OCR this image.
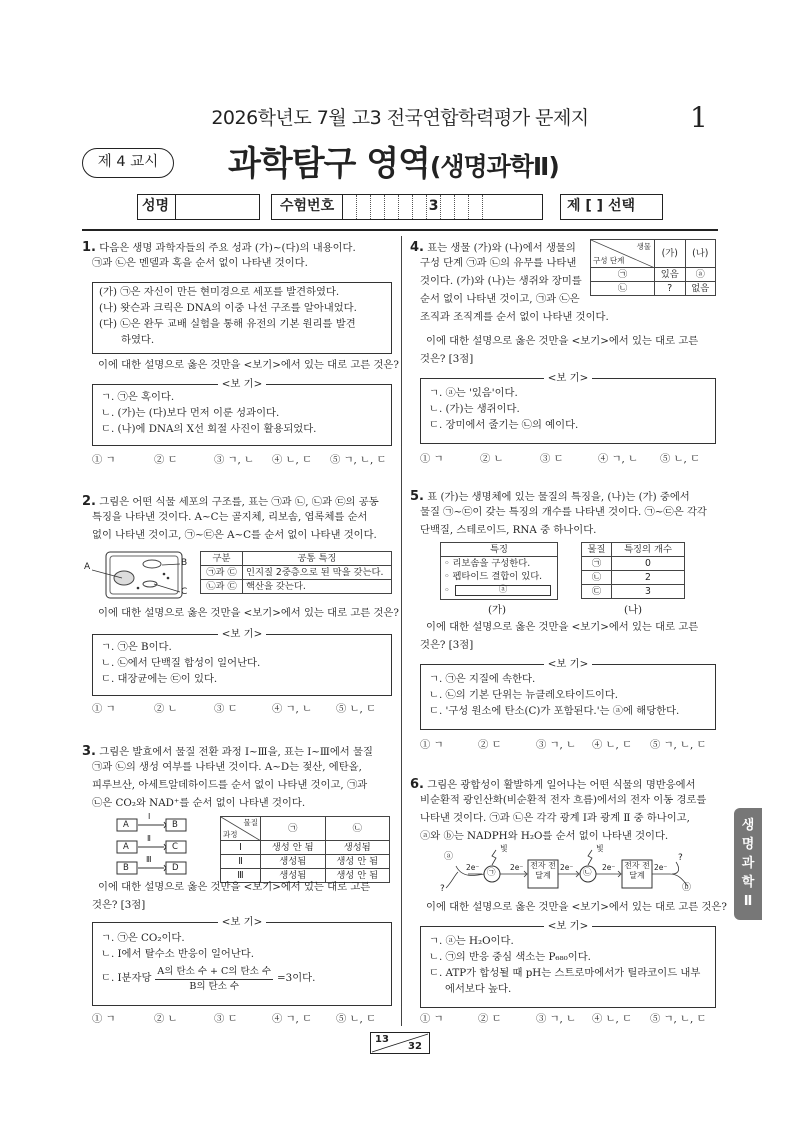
2026학년도 7월 고3 전국연합학력평가 문제지	1
제 4 교시	과학탐구 영역(생명과학Ⅱ)
성명	수험번호	3	제 [ ] 선택
1. 다음은 생명 과학자들의 주요 성과 (가)~(다)의 내용이다.
㉠과 ㉡은 멘델과 혹을 순서 없이 나타낸 것이다.
(가) ㉠은 자신이 만든 현미경으로 세포를 발견하였다.
(나) 왓슨과 크릭은 DNA의 이중 나선 구조를 알아내었다.
(다) ㉡은 완두 교배 실험을 통해 유전의 기본 원리를 발견
하였다.
이에 대한 설명으로 옳은 것만을 <보기>에서 있는 대로 고른 것은?
<보 기>
ㄱ. ㉠은 혹이다.
ㄴ. (가)는 (다)보다 먼저 이룬 성과이다.
ㄷ. (나)에 DNA의 X선 회절 사진이 활용되었다.
① ㄱ	② ㄷ	③ ㄱ, ㄴ	④ ㄴ, ㄷ	⑤ ㄱ, ㄴ, ㄷ
2. 그림은 어떤 식물 세포의 구조를, 표는 ㉠과 ㉡, ㉡과 ㉢의 공동
특징을 나타낸 것이다. A~C는 골지체, 리보솜, 엽록체를 순서
없이 나타낸 것이고, ㉠~㉢은 A~C를 순서 없이 나타낸 것이다.
A	B
C
구분	공통 특징
㉠과 ㉢	인지질 2중층으로 된 막을 갖는다.
㉡과 ㉢	핵산을 갖는다.
이에 대한 설명으로 옳은 것만을 <보기>에서 있는 대로 고른 것은?
<보 기>
ㄱ. ㉠은 B이다.
ㄴ. ㉡에서 단백질 합성이 일어난다.
ㄷ. 대장균에는 ㉢이 있다.
① ㄱ	② ㄴ	③ ㄷ	④ ㄱ, ㄴ	⑤ ㄴ, ㄷ
3. 그림은 발효에서 물질 전환 과정 Ⅰ~Ⅲ을, 표는 Ⅰ~Ⅲ에서 물질
㉠과 ㉡의 생성 여부를 나타낸 것이다. A~D는 젖산, 에탄올,
피루브산, 아세트알데하이드를 순서 없이 나타낸 것이고, ㉠과
㉡은 CO₂와 NAD⁺를 순서 없이 나타낸 것이다.
A
Ⅰ
B
A
Ⅱ
C
B
Ⅲ
D
물질
과정	㉠	㉡
Ⅰ	생성 안 됨	생성됨
Ⅱ	생성됨	생성 안 됨
Ⅲ	생성됨	생성 안 됨
이에 대한 설명으로 옳은 것만을 <보기>에서 있는 대로 고른
것은? [3점]
<보 기>
ㄱ. ㉠은 CO₂이다.
ㄴ. Ⅰ에서 탈수소 반응이 일어난다.
ㄷ. Ⅰ분자당
A의 탄소 수 + C의 탄소 수
B의 탄소 수
=3이다.
① ㄱ	② ㄴ	③ ㄷ	④ ㄱ, ㄷ	⑤ ㄴ, ㄷ
4. 표는 생물 (가)와 (나)에서 생물의
구성 단계 ㉠과 ㉡의 유무를 나타낸
것이다. (가)와 (나)는 생쥐와 장미를
순서 없이 나타낸 것이고, ㉠과 ㉡은
조직과 조직계를 순서 없이 나타낸 것이다.
생물
구성 단계	(가)	(나)
㉠	있음	ⓐ
㉡	?	없음
이에 대한 설명으로 옳은 것만을 <보기>에서 있는 대로 고른
것은? [3점]
<보 기>
ㄱ. ⓐ는 '있음'이다.
ㄴ. (가)는 생쥐이다.
ㄷ. 장미에서 줄기는 ㉡의 예이다.
① ㄱ	② ㄴ	③ ㄷ	④ ㄱ, ㄴ	⑤ ㄴ, ㄷ
5. 표 (가)는 생명체에 있는 물질의 특징을, (나)는 (가) 중에서
물질 ㉠~㉢이 갖는 특징의 개수를 나타낸 것이다. ㉠~㉢은 각각
단백질, 스테로이드, RNA 중 하나이다.
특징
◦ 리보솜을 구성한다.
◦ 펩타이드 결합이 있다.
◦	ⓐ
물질	특징의 개수
㉠	0
㉡	2
㉢	3
(가)	(나)
이에 대한 설명으로 옳은 것만을 <보기>에서 있는 대로 고른
것은? [3점]
<보 기>
ㄱ. ㉠은 지질에 속한다.
ㄴ. ㉡의 기본 단위는 뉴클레오타이드이다.
ㄷ. '구성 원소에 탄소(C)가 포함된다.'는 ⓐ에 해당한다.
① ㄱ	② ㄷ	③ ㄱ, ㄴ	④ ㄴ, ㄷ	⑤ ㄱ, ㄴ, ㄷ
6. 그림은 광합성이 활발하게 일어나는 어떤 식물의 명반응에서
비순환적 광인산화(비순환적 전자 흐름)에서의 전자 이동 경로를
나타낸 것이다. ㉠과 ㉡은 각각 광계 Ⅰ과 광계 Ⅱ 중 하나이고,
ⓐ와 ⓑ는 NADPH와 H₂O를 순서 없이 나타낸 것이다.
ⓐ
?
빛	빛
2e⁻	2e⁻	2e⁻	2e⁻	2e⁻
㉠	㉡
전자 전달계
전자 전달계
?
ⓑ
이에 대한 설명으로 옳은 것만을 <보기>에서 있는 대로 고른 것은?
<보 기>
ㄱ. ⓐ는 H₂O이다.
ㄴ. ㉠의 반응 중심 색소는 P₆₈₀이다.
ㄷ. ATP가 합성될 때 pH는 스트로마에서가 틸라코이드 내부
에서보다 높다.
① ㄱ	② ㄷ	③ ㄱ, ㄴ	④ ㄴ, ㄷ	⑤ ㄱ, ㄴ, ㄷ
생
명
과
학
Ⅱ
13
32
